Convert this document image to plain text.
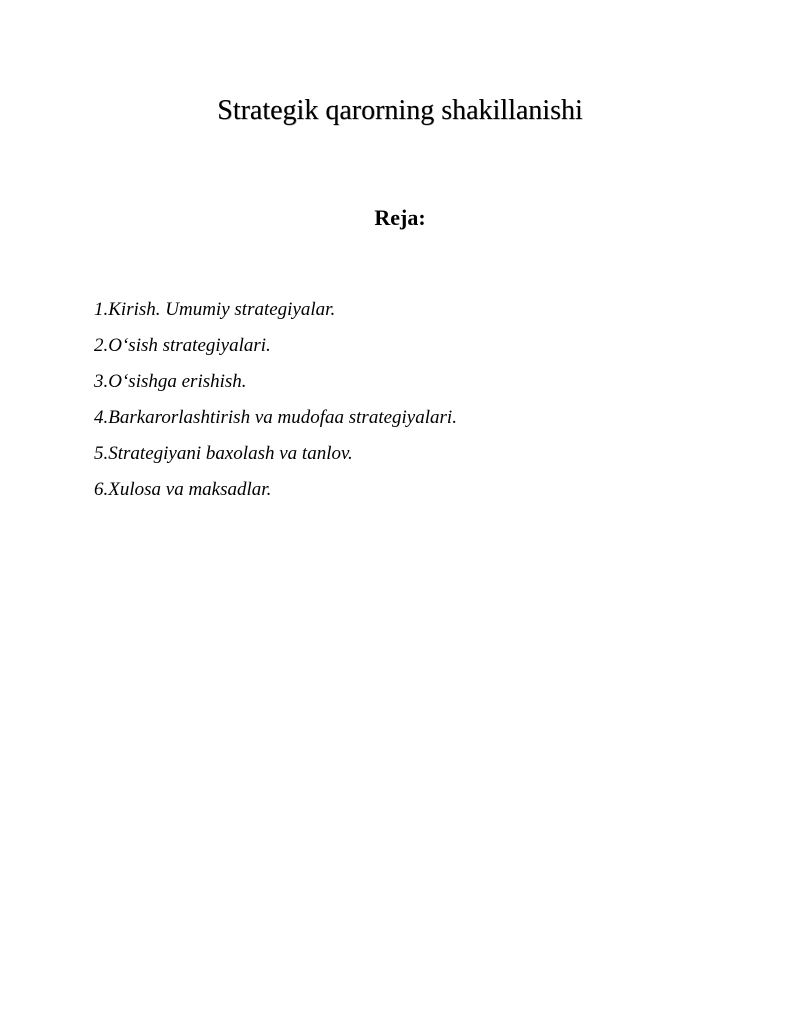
Strategik qarorning shakillanishi
Reja:
1.Kirish. Umumiy strategiyalar.
2.O‘sish strategiyalari.
3.O‘sishga erishish.
4.Barkarorlashtirish va mudofaa strategiyalari.
5.Strategiyani baxolash va tanlov.
6.Xulosa va maksadlar.
